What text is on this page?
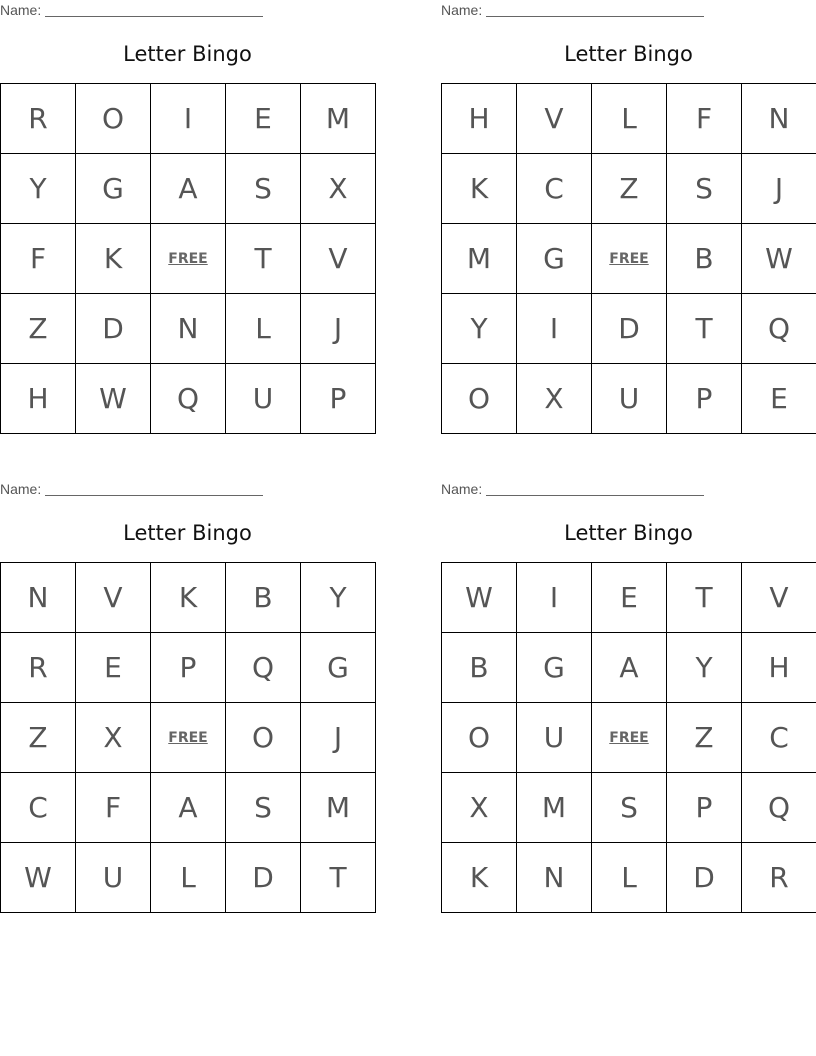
Name:
Letter Bingo
R	O	I	E	M
Y	G	A	S	X
F	K	FREE	T	V
Z	D	N	L	J
H	W	Q	U	P
Name:
Letter Bingo
H	V	L	F	N
K	C	Z	S	J
M	G	FREE	B	W
Y	I	D	T	Q
O	X	U	P	E
Name:
Letter Bingo
N	V	K	B	Y
R	E	P	Q	G
Z	X	FREE	O	J
C	F	A	S	M
W	U	L	D	T
Name:
Letter Bingo
W	I	E	T	V
B	G	A	Y	H
O	U	FREE	Z	C
X	M	S	P	Q
K	N	L	D	R
